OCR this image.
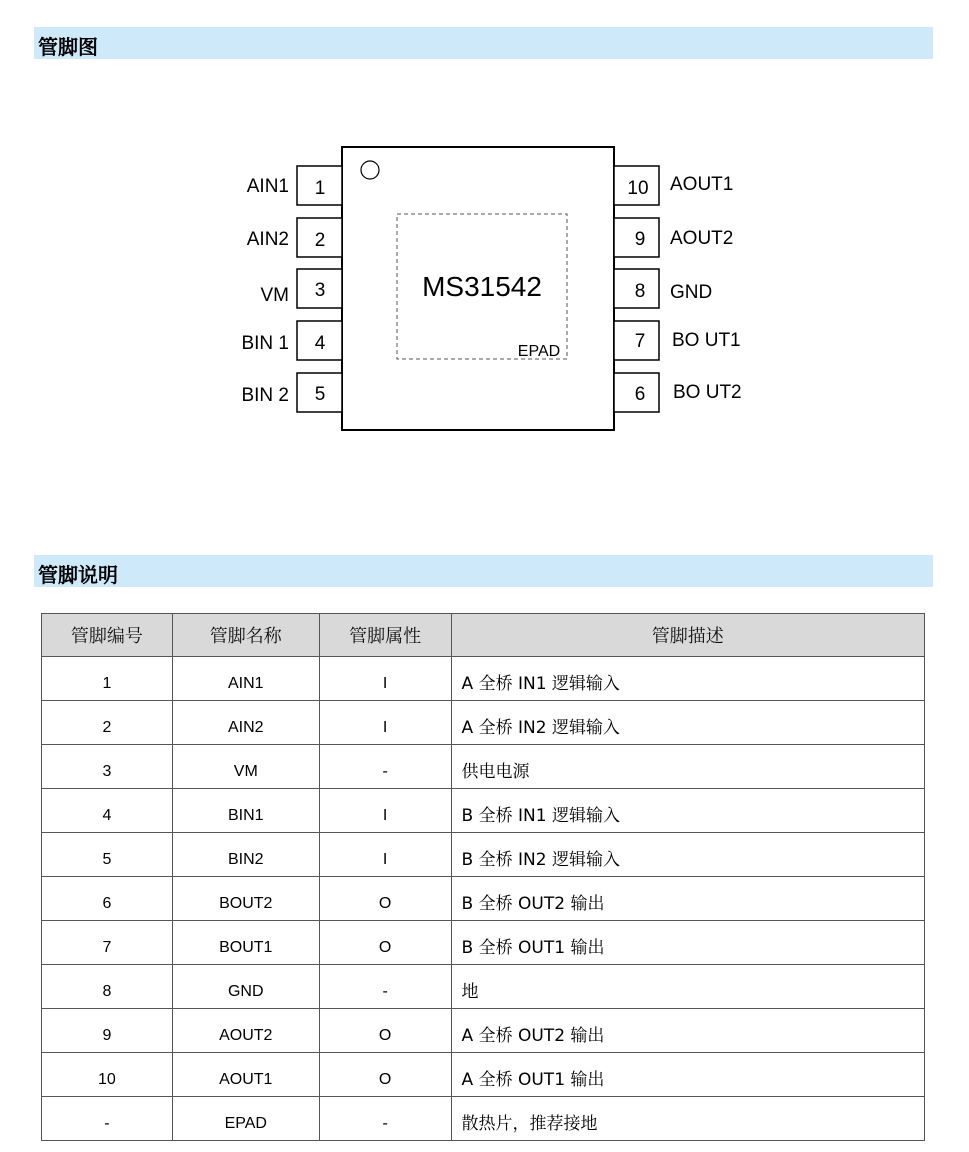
管脚图
MS31542
EPAD
1
AIN1
2
AIN2
3
VM
4
BIN 1
5
BIN 2
10 AOUT1
9 AOUT2
8 GND
7 BO UT1
6 BO UT2
管脚说明
管脚编号	管脚名称	管脚属性	管脚描述
1	AIN1	I	A 全桥 IN1 逻辑输入
2	AIN2	I	A 全桥 IN2 逻辑输入
3	VM	-	供电电源
4	BIN1	I	B 全桥 IN1 逻辑输入
5	BIN2	I	B 全桥 IN2 逻辑输入
6	BOUT2	O	B 全桥 OUT2 输出
7	BOUT1	O	B 全桥 OUT1 输出
8	GND	-	地
9	AOUT2	O	A 全桥 OUT2 输出
10	AOUT1	O	A 全桥 OUT1 输出
-	EPAD	-	散热片，推荐接地
